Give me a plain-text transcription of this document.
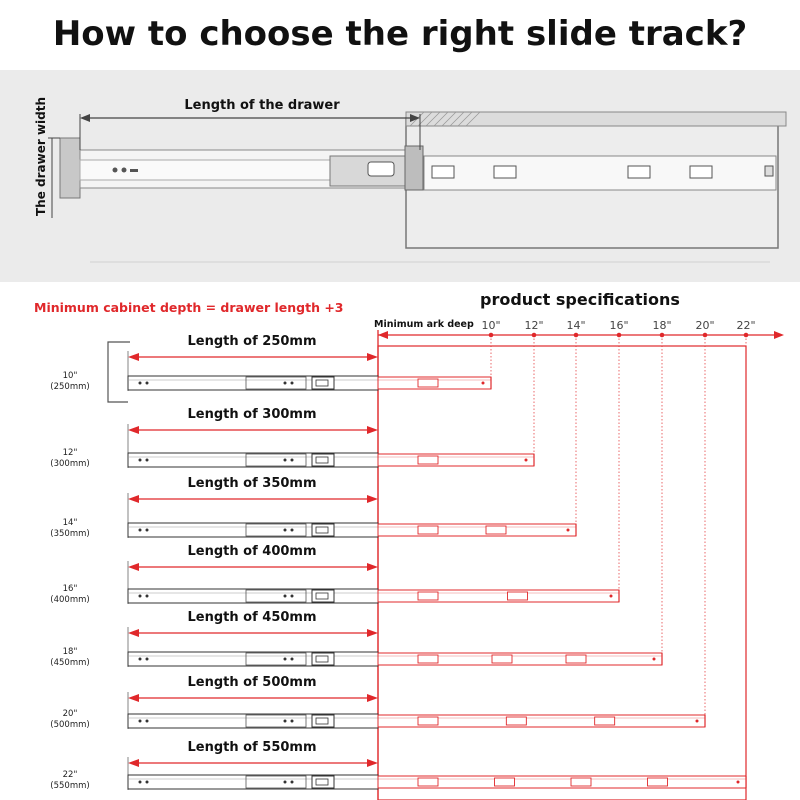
How to choose the right slide track?
Length of the drawer
The drawer width
Minimum cabinet depth = drawer length +3	product specifications
Minimum ark deep 10" 12" 14" 16" 18" 20" 22"
10"
(250mm)
Length of 250mm
12"
(300mm)
Length of 300mm
14"
(350mm)
Length of 350mm
16"
(400mm)
Length of 400mm
18"
(450mm)
Length of 450mm
20"
(500mm)
Length of 500mm
22"
(550mm)
Length of 550mm
